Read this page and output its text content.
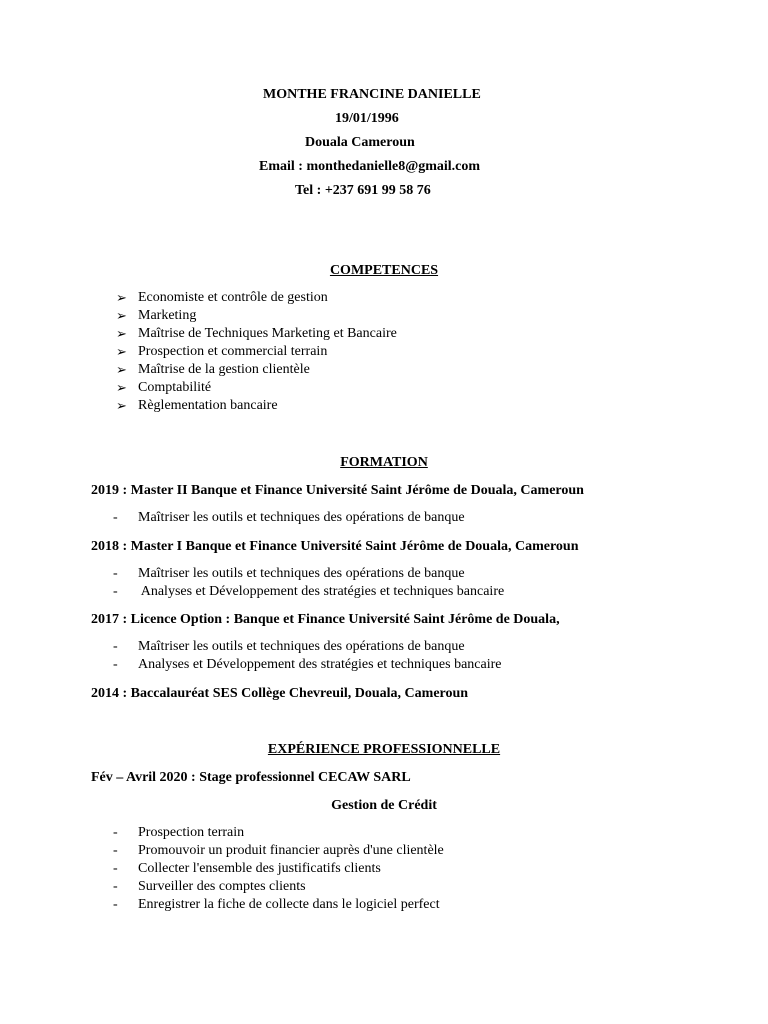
MONTHE FRANCINE DANIELLE
19/01/1996
Douala Cameroun
Email : monthedanielle8@gmail.com
Tel : +237 691 99 58 76
COMPETENCES
➢ Economiste et contrôle de gestion
➢ Marketing
➢ Maîtrise de Techniques Marketing et Bancaire
➢ Prospection et commercial terrain
➢ Maîtrise de la gestion clientèle
➢ Comptabilité
➢ Règlementation bancaire
FORMATION
2019 : Master II Banque et Finance Université Saint Jérôme de Douala, Cameroun
- Maîtriser les outils et techniques des opérations de banque
2018 : Master I Banque et Finance Université Saint Jérôme de Douala, Cameroun
- Maîtriser les outils et techniques des opérations de banque
- Analyses et Développement des stratégies et techniques bancaire
2017 : Licence Option : Banque et Finance Université Saint Jérôme de Douala,
- Maîtriser les outils et techniques des opérations de banque
- Analyses et Développement des stratégies et techniques bancaire
2014 : Baccalauréat SES Collège Chevreuil, Douala, Cameroun
EXPÉRIENCE PROFESSIONNELLE
Fév – Avril 2020 : Stage professionnel CECAW SARL
Gestion de Crédit
- Prospection terrain
- Promouvoir un produit financier auprès d'une clientèle
- Collecter l'ensemble des justificatifs clients
- Surveiller des comptes clients
- Enregistrer la fiche de collecte dans le logiciel perfect
